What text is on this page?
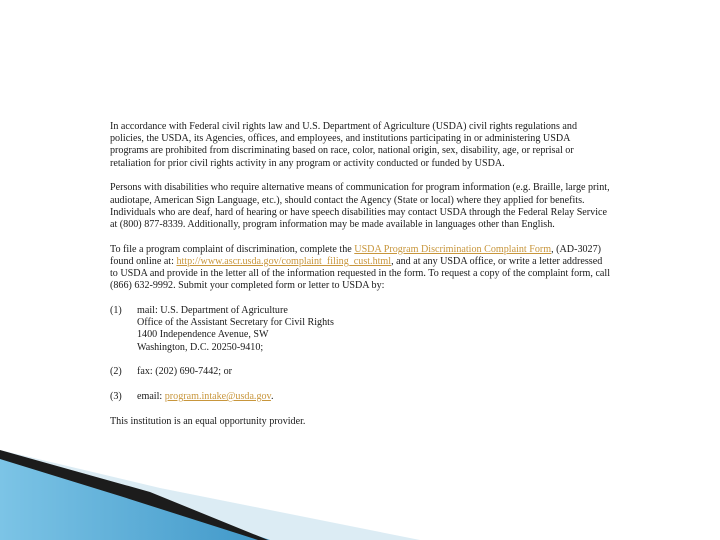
In accordance with Federal civil rights law and U.S. Department of Agriculture (USDA) civil rights regulations and policies, the USDA, its Agencies, offices, and employees, and institutions participating in or administering USDA programs are prohibited from discriminating based on race, color, national origin, sex, disability, age, or reprisal or retaliation for prior civil rights activity in any program or activity conducted or funded by USDA.

Persons with disabilities who require alternative means of communication for program information (e.g. Braille, large print, audiotape, American Sign Language, etc.), should contact the Agency (State or local) where they applied for benefits. Individuals who are deaf, hard of hearing or have speech disabilities may contact USDA through the Federal Relay Service at (800) 877-8339. Additionally, program information may be made available in languages other than English.

To file a program complaint of discrimination, complete the USDA Program Discrimination Complaint Form, (AD-3027) found online at: http://www.ascr.usda.gov/complaint_filing_cust.html, and at any USDA office, or write a letter addressed to USDA and provide in the letter all of the information requested in the form. To request a copy of the complaint form, call (866) 632-9992. Submit your completed form or letter to USDA by:

(1)	mail: U.S. Department of Agriculture
Office of the Assistant Secretary for Civil Rights
1400 Independence Avenue, SW
Washington, D.C. 20250-9410;
(2)	fax: (202) 690-7442; or
(3)	email: program.intake@usda.gov.

This institution is an equal opportunity provider.
